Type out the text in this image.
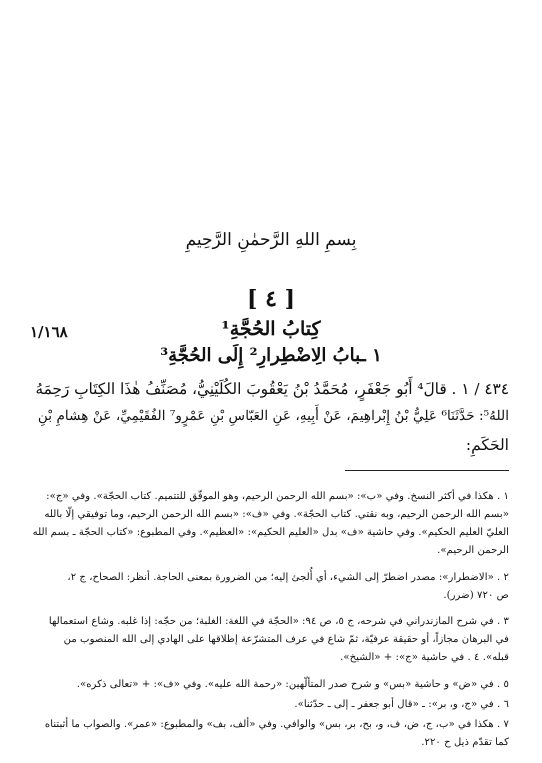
بِسمِ اللهِ الرَّحمٰنِ الرَّحِيمِ
[ ٤ ]
كِتابُ الحُجَّةِ¹
١/١٦٨
١ ـبابُ الِاضْطِرارِ² إِلَى الحُجَّةِ³
٤٣٤ / ١ . قالَ⁴ أَبُو جَعْفَرٍ، مُحَمَّدُ بْنُ يَعْقُوبَ الكُلَيْنِيُّ، مُصَنِّفُ هٰذَا الكِتَابِ رَحِمَهُ
اللهُ⁵: حَدَّثَنَا⁶ عَلِيُّ بْنُ إِبْراهِيمَ، عَنْ أَبِيهِ، عَنِ العَبّاسِ بْنِ عَمْرٍو⁷ الفُقَيْمِيِّ، عَنْ هِشامِ بْنِ
الحَكَمِ:
١ . هكذا في أكثر النسخ. وفي «ب»: «بسم الله الرحمن الرحيم، وهو الموفّق للتتميم. كتاب الحجّة». وفي «ج»:
«بسم الله الرحمن الرحيم، وبه نقتي. كتاب الحجّة». وفي «ف»: «بسم الله الرحمن الرحيم، وما توفيقي إلّا بالله
العليّ العليم الحكيم». وفي حاشية «ف» بدل «العليم الحكيم»: «العظيم». وفي المطبوع: «كتاب الحجّة ـ بسم الله
الرحمن الرحيم».
٢ . «الاضطرار»: مصدر اضطرّ إلى الشيء، أي أُلجئ إليه؛ من الضرورة بمعنى الحاجة. أنظر: الصحاح، ج ٢،
ص ٧٢٠ (ضرر).
٣ . في شرح المازندراني في شرحه، ج ٥، ص ٩٤: «الحجّة في اللغة: الغلبة؛ من حجّه: إذا غلبه. وشاع استعمالها
في البرهان مجازاً، أو حقيقة عرفيّة، ثمّ شاع في عرف المتشرّعة إطلاقها على الهادي إلى الله المنصوب من
قبله». ٤ . في حاشية «ج»: + «الشيخ».
٥ . في «ض» و حاشية «بس» و شرح صدر المتألّهين: «رحمة الله عليه». وفي «ف»: + «تعالى ذكره».
٦ . في «ج، و، بر»: ـ «قال أبو جعفر ـ إلى ـ حدّثنا».
٧ . هكذا في «ب، ج، ض، ف، و، بح، بر، بس» والوافي. وفي «ألف، بف» والمطبوع: «عمر». والصواب ما أثبتناه
كما تقدّم ذيل ح ٢٢٠.
